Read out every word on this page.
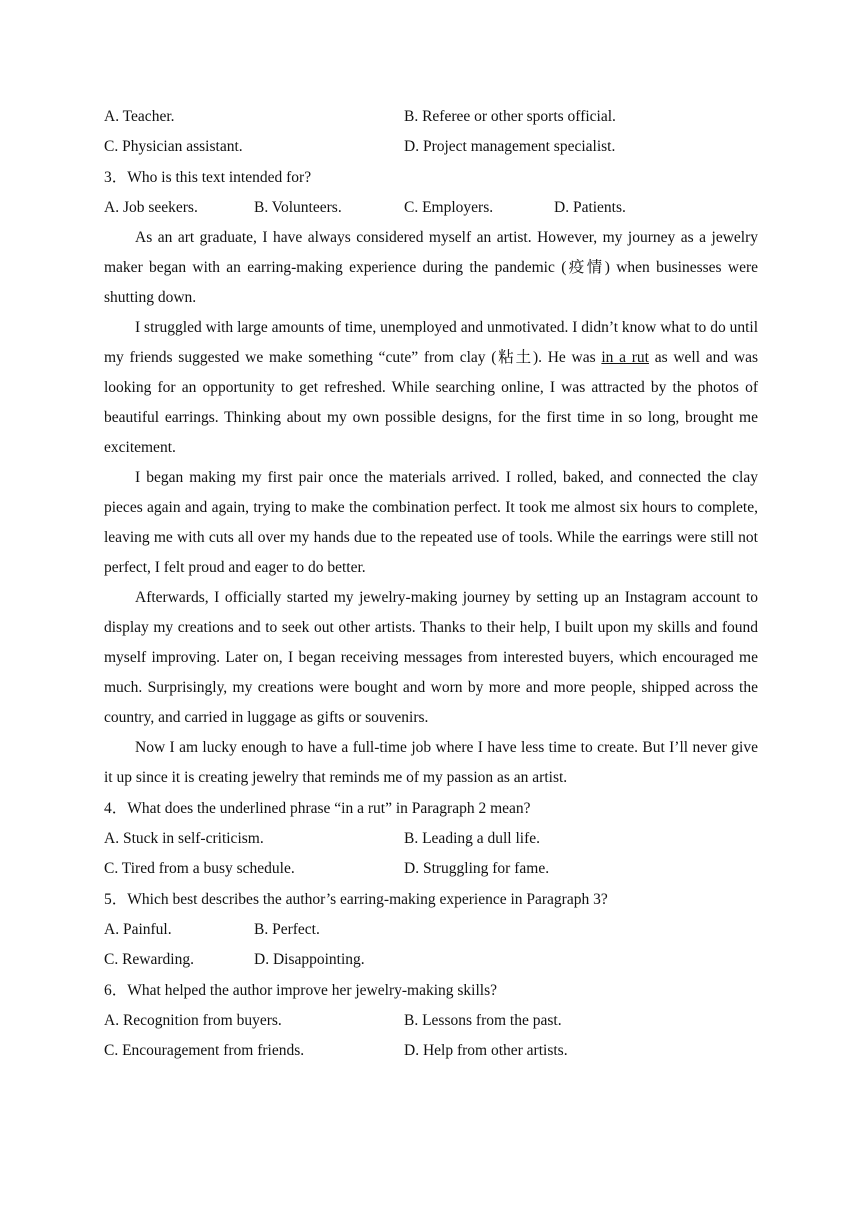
A. Teacher.	B. Referee or other sports official.
C. Physician assistant.	D. Project management specialist.
3．Who is this text intended for?
A. Job seekers.	B. Volunteers.	C. Employers.	D. Patients.

As an art graduate, I have always considered myself an artist. However, my journey as a jewelry maker began with an earring-making experience during the pandemic (疫情) when businesses were shutting down.

I struggled with large amounts of time, unemployed and unmotivated. I didn’t know what to do until my friends suggested we make something “cute” from clay (粘土). He was in a rut as well and was looking for an opportunity to get refreshed. While searching online, I was attracted by the photos of beautiful earrings. Thinking about my own possible designs, for the first time in so long, brought me excitement.

I began making my first pair once the materials arrived. I rolled, baked, and connected the clay pieces again and again, trying to make the combination perfect. It took me almost six hours to complete, leaving me with cuts all over my hands due to the repeated use of tools. While the earrings were still not perfect, I felt proud and eager to do better.

Afterwards, I officially started my jewelry-making journey by setting up an Instagram account to display my creations and to seek out other artists. Thanks to their help, I built upon my skills and found myself improving. Later on, I began receiving messages from interested buyers, which encouraged me much. Surprisingly, my creations were bought and worn by more and more people, shipped across the country, and carried in luggage as gifts or souvenirs.

Now I am lucky enough to have a full-time job where I have less time to create. But I’ll never give it up since it is creating jewelry that reminds me of my passion as an artist.

4．What does the underlined phrase “in a rut” in Paragraph 2 mean?
A. Stuck in self-criticism.	B. Leading a dull life.
C. Tired from a busy schedule.	D. Struggling for fame.
5．Which best describes the author’s earring-making experience in Paragraph 3?
A. Painful.	B. Perfect.
C. Rewarding.	D. Disappointing.
6．What helped the author improve her jewelry-making skills?
A. Recognition from buyers.	B. Lessons from the past.
C. Encouragement from friends.	D. Help from other artists.
